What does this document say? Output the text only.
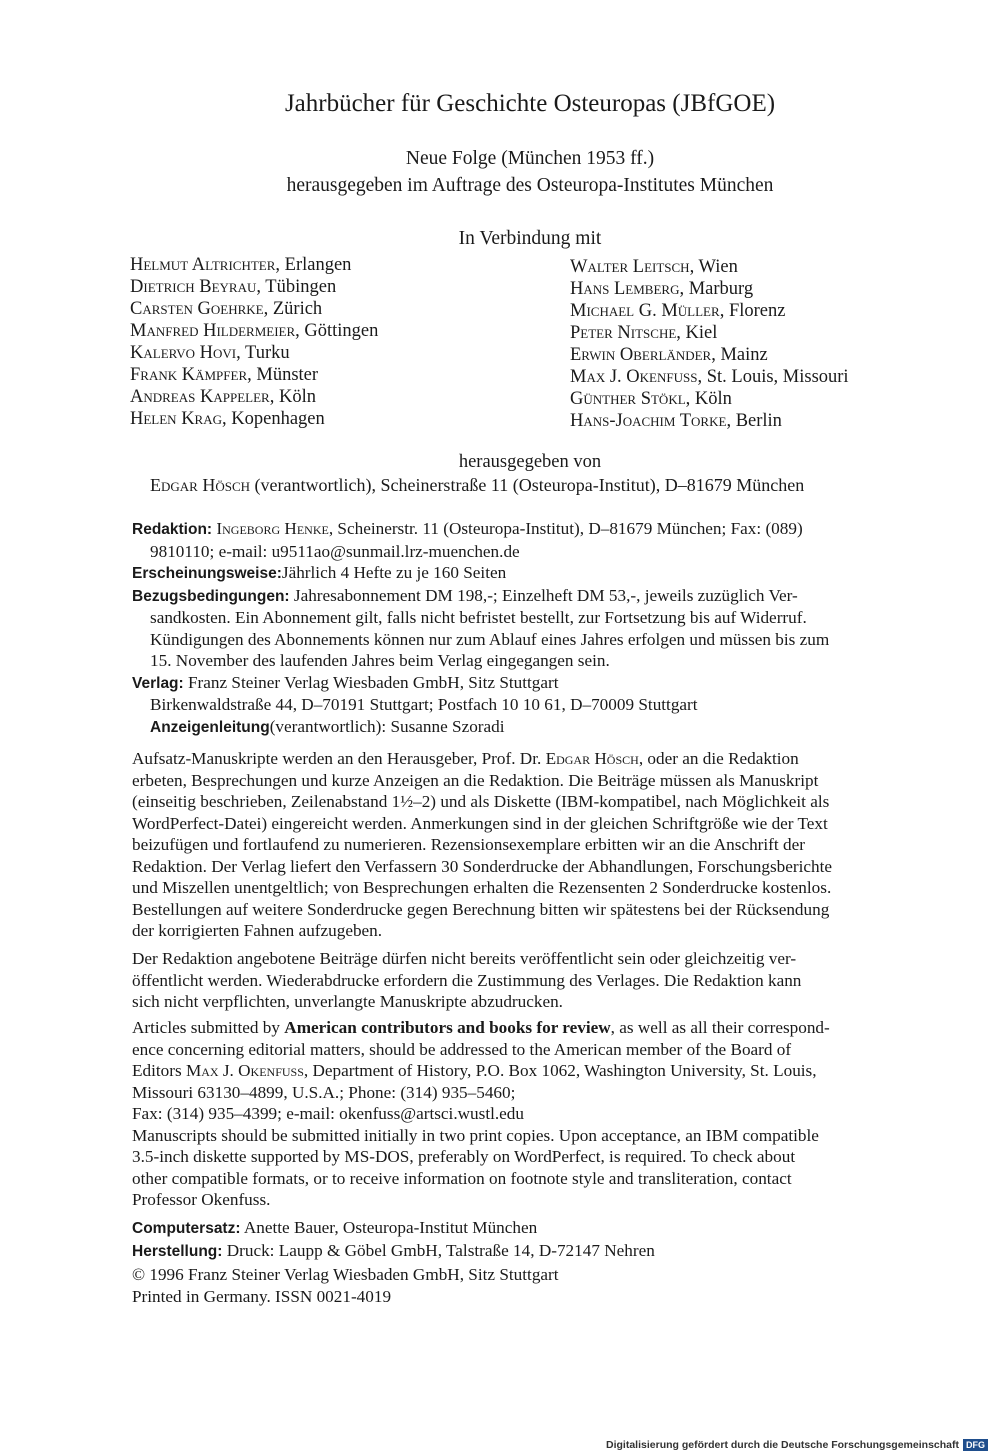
Jahrbücher für Geschichte Osteuropas (JBfGOE)
Neue Folge (München 1953 ff.)
herausgegeben im Auftrage des Osteuropa-Institutes München
In Verbindung mit
Helmut Altrichter, Erlangen
Dietrich Beyrau, Tübingen
Carsten Goehrke, Zürich
Manfred Hildermeier, Göttingen
Kalervo Hovi, Turku
Frank Kämpfer, Münster
Andreas Kappeler, Köln
Helen Krag, Kopenhagen
Walter Leitsch, Wien
Hans Lemberg, Marburg
Michael G. Müller, Florenz
Peter Nitsche, Kiel
Erwin Oberländer, Mainz
Max J. Okenfuss, St. Louis, Missouri
Günther Stökl, Köln
Hans-Joachim Torke, Berlin
herausgegeben von
Edgar Hösch (verantwortlich), Scheinerstraße 11 (Osteuropa-Institut), D–81679 München
Redaktion: Ingeborg Henke, Scheinerstr. 11 (Osteuropa-Institut), D–81679 München; Fax: (089)
9810110; e-mail: u9511ao@sunmail.lrz-muenchen.de
Erscheinungsweise:Jährlich 4 Hefte zu je 160 Seiten
Bezugsbedingungen: Jahresabonnement DM 198,-; Einzelheft DM 53,-, jeweils zuzüglich Ver-
sandkosten. Ein Abonnement gilt, falls nicht befristet bestellt, zur Fortsetzung bis auf Widerruf.
Kündigungen des Abonnements können nur zum Ablauf eines Jahres erfolgen und müssen bis zum
15. November des laufenden Jahres beim Verlag eingegangen sein.
Verlag: Franz Steiner Verlag Wiesbaden GmbH, Sitz Stuttgart
Birkenwaldstraße 44, D–70191 Stuttgart; Postfach 10 10 61, D–70009 Stuttgart
Anzeigenleitung(verantwortlich): Susanne Szoradi
Aufsatz-Manuskripte werden an den Herausgeber, Prof. Dr. Edgar Hösch, oder an die Redaktion
erbeten, Besprechungen und kurze Anzeigen an die Redaktion. Die Beiträge müssen als Manuskript
(einseitig beschrieben, Zeilenabstand 1½–2) und als Diskette (IBM-kompatibel, nach Möglichkeit als
WordPerfect-Datei) eingereicht werden. Anmerkungen sind in der gleichen Schriftgröße wie der Text
beizufügen und fortlaufend zu numerieren. Rezensionsexemplare erbitten wir an die Anschrift der
Redaktion. Der Verlag liefert den Verfassern 30 Sonderdrucke der Abhandlungen, Forschungsberichte
und Miszellen unentgeltlich; von Besprechungen erhalten die Rezensenten 2 Sonderdrucke kostenlos.
Bestellungen auf weitere Sonderdrucke gegen Berechnung bitten wir spätestens bei der Rücksendung
der korrigierten Fahnen aufzugeben.
Der Redaktion angebotene Beiträge dürfen nicht bereits veröffentlicht sein oder gleichzeitig ver-
öffentlicht werden. Wiederabdrucke erfordern die Zustimmung des Verlages. Die Redaktion kann
sich nicht verpflichten, unverlangte Manuskripte abzudrucken.
Articles submitted by American contributors and books for review, as well as all their correspond-
ence concerning editorial matters, should be addressed to the American member of the Board of
Editors Max J. Okenfuss, Department of History, P.O. Box 1062, Washington University, St. Louis,
Missouri 63130–4899, U.S.A.; Phone: (314) 935–5460;
Fax: (314) 935–4399; e-mail: okenfuss@artsci.wustl.edu
Manuscripts should be submitted initially in two print copies. Upon acceptance, an IBM compatible
3.5-inch diskette supported by MS-DOS, preferably on WordPerfect, is required. To check about
other compatible formats, or to receive information on footnote style and transliteration, contact
Professor Okenfuss.
Computersatz: Anette Bauer, Osteuropa-Institut München
Herstellung: Druck: Laupp & Göbel GmbH, Talstraße 14, D-72147 Nehren
© 1996 Franz Steiner Verlag Wiesbaden GmbH, Sitz Stuttgart
Printed in Germany. ISSN 0021-4019
Digitalisierung gefördert durch die Deutsche Forschungsgemeinschaft DFG
